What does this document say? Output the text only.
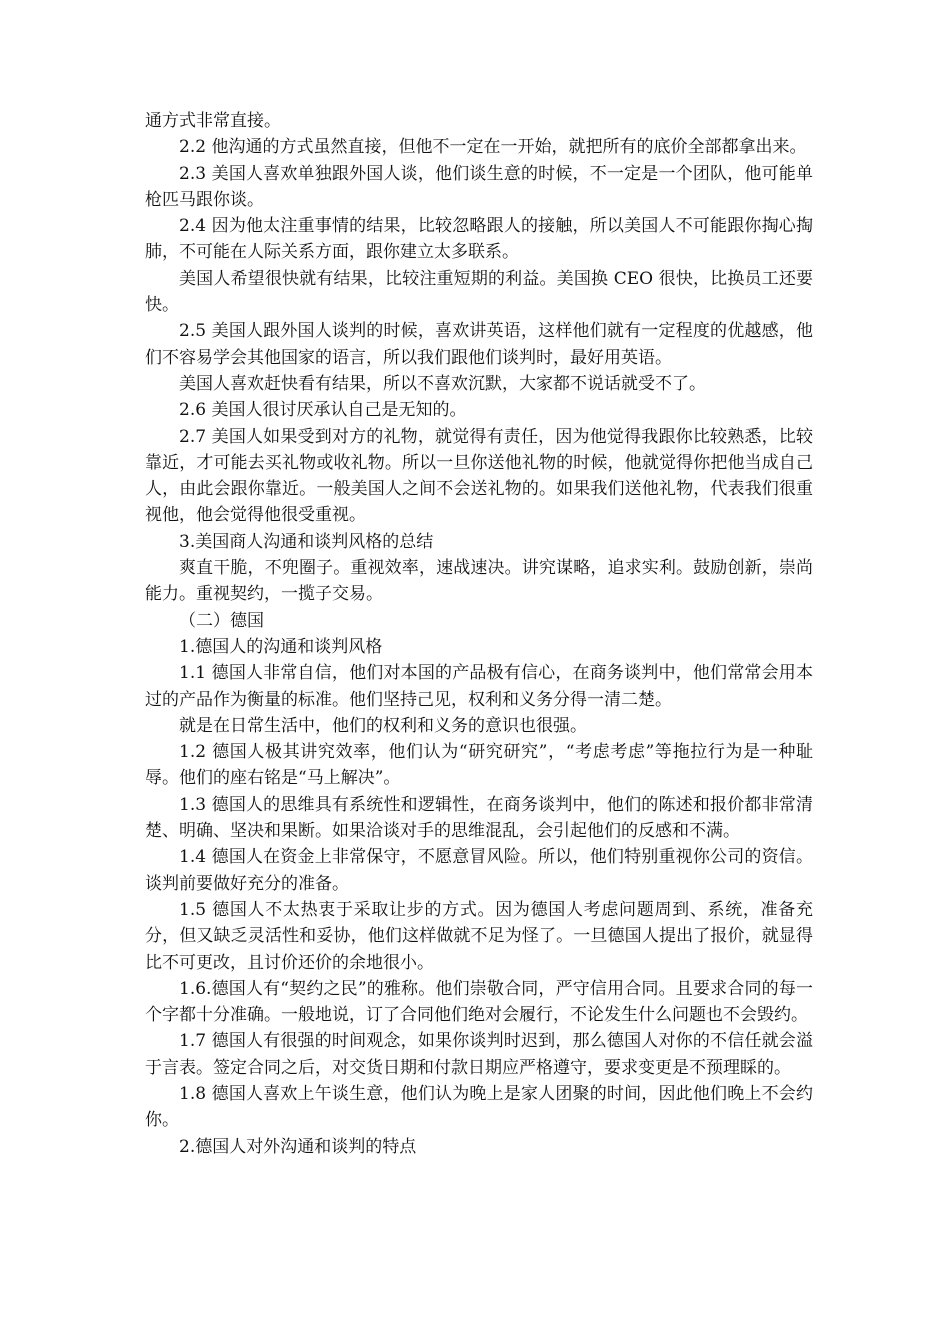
通方式非常直接。

2.2 他沟通的方式虽然直接，但他不一定在一开始，就把所有的底价全部都拿出来。

2.3 美国人喜欢单独跟外国人谈，他们谈生意的时候，不一定是一个团队，他可能单枪匹马跟你谈。

2.4 因为他太注重事情的结果，比较忽略跟人的接触，所以美国人不可能跟你掏心掏肺，不可能在人际关系方面，跟你建立太多联系。

美国人希望很快就有结果，比较注重短期的利益。美国换 CEO 很快，比换员工还要快。

2.5 美国人跟外国人谈判的时候，喜欢讲英语，这样他们就有一定程度的优越感，他们不容易学会其他国家的语言，所以我们跟他们谈判时，最好用英语。

美国人喜欢赶快看有结果，所以不喜欢沉默，大家都不说话就受不了。

2.6 美国人很讨厌承认自己是无知的。

2.7 美国人如果受到对方的礼物，就觉得有责任，因为他觉得我跟你比较熟悉，比较靠近，才可能去买礼物或收礼物。所以一旦你送他礼物的时候，他就觉得你把他当成自己人，由此会跟你靠近。一般美国人之间不会送礼物的。如果我们送他礼物，代表我们很重视他，他会觉得他很受重视。

3.美国商人沟通和谈判风格的总结

爽直干脆，不兜圈子。重视效率，速战速决。讲究谋略，追求实利。鼓励创新，崇尚能力。重视契约，一揽子交易。

（二）德国

1.德国人的沟通和谈判风格

1.1 德国人非常自信，他们对本国的产品极有信心，在商务谈判中，他们常常会用本过的产品作为衡量的标准。他们坚持己见，权利和义务分得一清二楚。

就是在日常生活中，他们的权利和义务的意识也很强。

1.2 德国人极其讲究效率，他们认为“研究研究”，“考虑考虑”等拖拉行为是一种耻辱。他们的座右铭是“马上解决”。

1.3 德国人的思维具有系统性和逻辑性，在商务谈判中，他们的陈述和报价都非常清楚、明确、坚决和果断。如果洽谈对手的思维混乱，会引起他们的反感和不满。

1.4 德国人在资金上非常保守，不愿意冒风险。所以，他们特别重视你公司的资信。谈判前要做好充分的准备。

1.5 德国人不太热衷于采取让步的方式。因为德国人考虑问题周到、系统，准备充分，但又缺乏灵活性和妥协，他们这样做就不足为怪了。一旦德国人提出了报价，就显得比不可更改，且讨价还价的余地很小。

1.6.德国人有“契约之民”的雅称。他们崇敬合同，严守信用合同。且要求合同的每一个字都十分准确。一般地说，订了合同他们绝对会履行，不论发生什么问题也不会毁约。

1.7 德国人有很强的时间观念，如果你谈判时迟到，那么德国人对你的不信任就会溢于言表。签定合同之后，对交货日期和付款日期应严格遵守，要求变更是不预理睬的。

1.8 德国人喜欢上午谈生意，他们认为晚上是家人团聚的时间，因此他们晚上不会约你。

2.德国人对外沟通和谈判的特点
